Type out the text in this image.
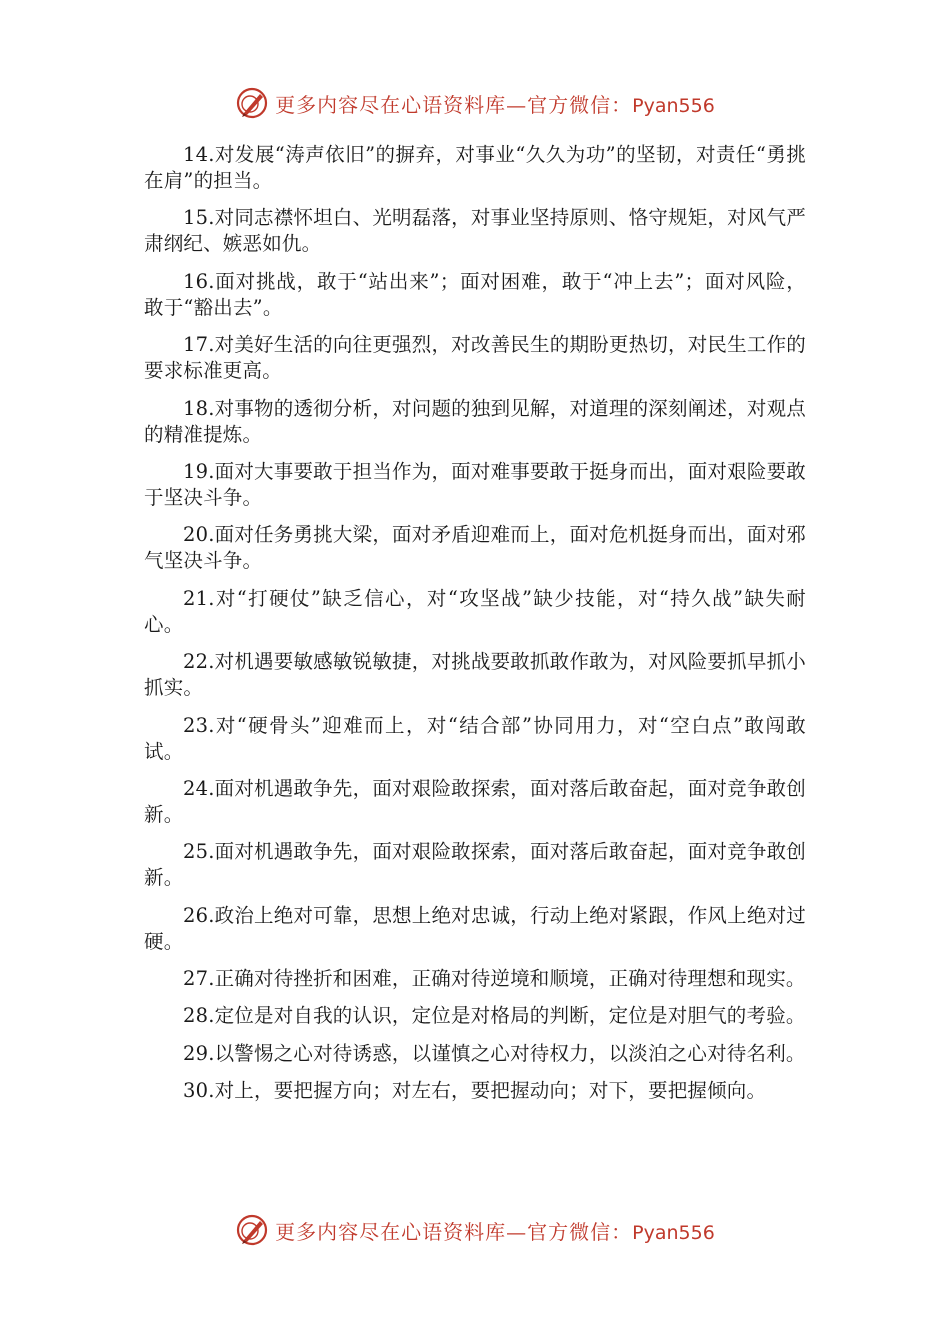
更多内容尽在心语资料库—官方微信：Pyan556

14.对发展“涛声依旧”的摒弃，对事业“久久为功”的坚韧，对责任“勇挑在肩”的担当。

15.对同志襟怀坦白、光明磊落，对事业坚持原则、恪守规矩，对风气严肃纲纪、嫉恶如仇。

16.面对挑战，敢于“站出来”；面对困难，敢于“冲上去”；面对风险，敢于“豁出去”。

17.对美好生活的向往更强烈，对改善民生的期盼更热切，对民生工作的要求标准更高。

18.对事物的透彻分析，对问题的独到见解，对道理的深刻阐述，对观点的精准提炼。

19.面对大事要敢于担当作为，面对难事要敢于挺身而出，面对艰险要敢于坚决斗争。

20.面对任务勇挑大梁，面对矛盾迎难而上，面对危机挺身而出，面对邪气坚决斗争。

21.对“打硬仗”缺乏信心，对“攻坚战”缺少技能，对“持久战”缺失耐心。

22.对机遇要敏感敏锐敏捷，对挑战要敢抓敢作敢为，对风险要抓早抓小抓实。

23.对“硬骨头”迎难而上，对“结合部”协同用力，对“空白点”敢闯敢试。

24.面对机遇敢争先，面对艰险敢探索，面对落后敢奋起，面对竞争敢创新。

25.面对机遇敢争先，面对艰险敢探索，面对落后敢奋起，面对竞争敢创新。

26.政治上绝对可靠，思想上绝对忠诚，行动上绝对紧跟，作风上绝对过硬。

27.正确对待挫折和困难，正确对待逆境和顺境，正确对待理想和现实。

28.定位是对自我的认识，定位是对格局的判断，定位是对胆气的考验。

29.以警惕之心对待诱惑，以谨慎之心对待权力，以淡泊之心对待名利。

30.对上，要把握方向；对左右，要把握动向；对下，要把握倾向。

更多内容尽在心语资料库—官方微信：Pyan556
